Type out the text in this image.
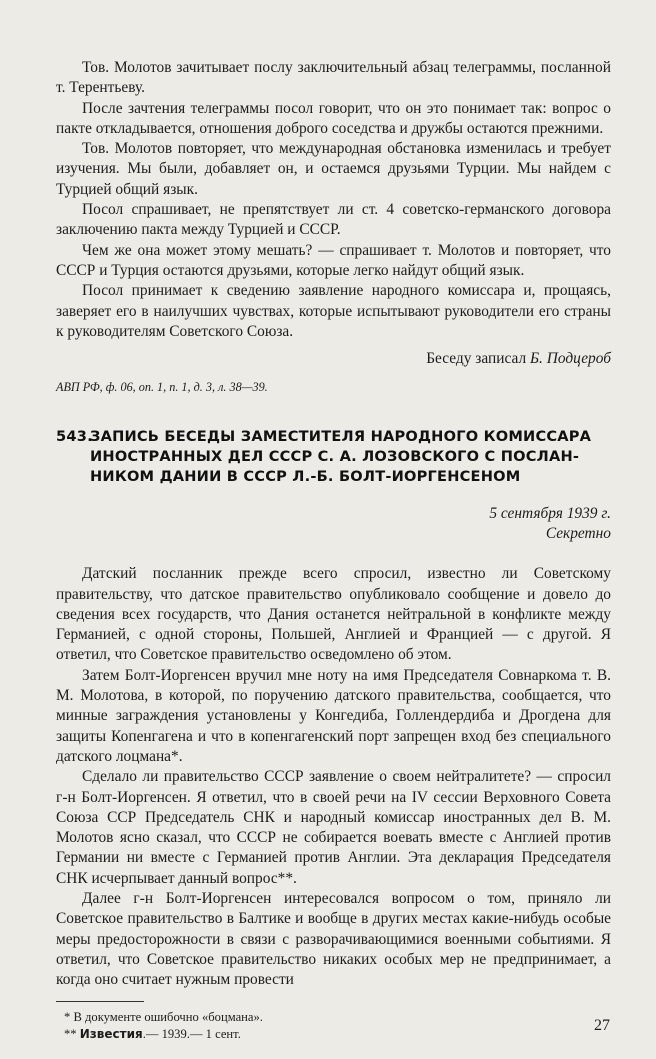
Тов. Молотов зачитывает послу заключительный абзац телеграммы, посланной т. Терентьеву.

После зачтения телеграммы посол говорит, что он это понимает так: вопрос о пакте откладывается, отношения доброго соседства и дружбы остаются прежними.

Тов. Молотов повторяет, что международная обстановка изменилась и требует изучения. Мы были, добавляет он, и остаемся друзьями Турции. Мы найдем с Турцией общий язык.

Посол спрашивает, не препятствует ли ст. 4 советско-германского договора заключению пакта между Турцией и СССР.

Чем же она может этому мешать? — спрашивает т. Молотов и повторяет, что СССР и Турция остаются друзьями, которые легко найдут общий язык.

Посол принимает к сведению заявление народного комиссара и, прощаясь, заверяет его в наилучших чувствах, которые испытывают руководители его страны к руководителям Советского Союза.

Беседу записал Б. Подцероб

АВП РФ, ф. 06, оп. 1, п. 1, д. 3, л. 38—39.

543.ЗАПИСЬ БЕСЕДЫ ЗАМЕСТИТЕЛЯ НАРОДНОГО КОМИССАРА
ИНОСТРАННЫХ ДЕЛ СССР С. А. ЛОЗОВСКОГО С ПОСЛАН-
НИКОМ ДАНИИ В СССР Л.-Б. БОЛТ-ИОРГЕНСЕНОМ
5 сентября 1939 г.
Секретно

Датский посланник прежде всего спросил, известно ли Советскому правительству, что датское правительство опубликовало сообщение и довело до сведения всех государств, что Дания останется нейтральной в конфликте между Германией, с одной стороны, Польшей, Англией и Францией — с другой. Я ответил, что Советское правительство осведомлено об этом.

Затем Болт-Иоргенсен вручил мне ноту на имя Председателя Совнаркома т. В. М. Молотова, в которой, по поручению датского правительства, сообщается, что минные заграждения установлены у Конгедиба, Голлендердиба и Дрогдена для защиты Копенгагена и что в копенгагенский порт запрещен вход без специального датского лоцмана*.

Сделало ли правительство СССР заявление о своем нейтралитете? — спросил г-н Болт-Иоргенсен. Я ответил, что в своей речи на IV сессии Верховного Совета Союза ССР Председатель СНК и народный комиссар иностранных дел В. М. Молотов ясно сказал, что СССР не собирается воевать вместе с Англией против Германии ни вместе с Германией против Англии. Эта декларация Председателя СНК исчерпывает данный вопрос**.

Далее г-н Болт-Иоргенсен интересовался вопросом о том, приняло ли Советское правительство в Балтике и вообще в других местах какие-нибудь особые меры предосторожности в связи с разворачивающимися военными событиями. Я ответил, что Советское правительство никаких особых мер не предпринимает, а когда оно считает нужным провести

* В документе ошибочно «боцмана».
** Известия.— 1939.— 1 сент.
27
